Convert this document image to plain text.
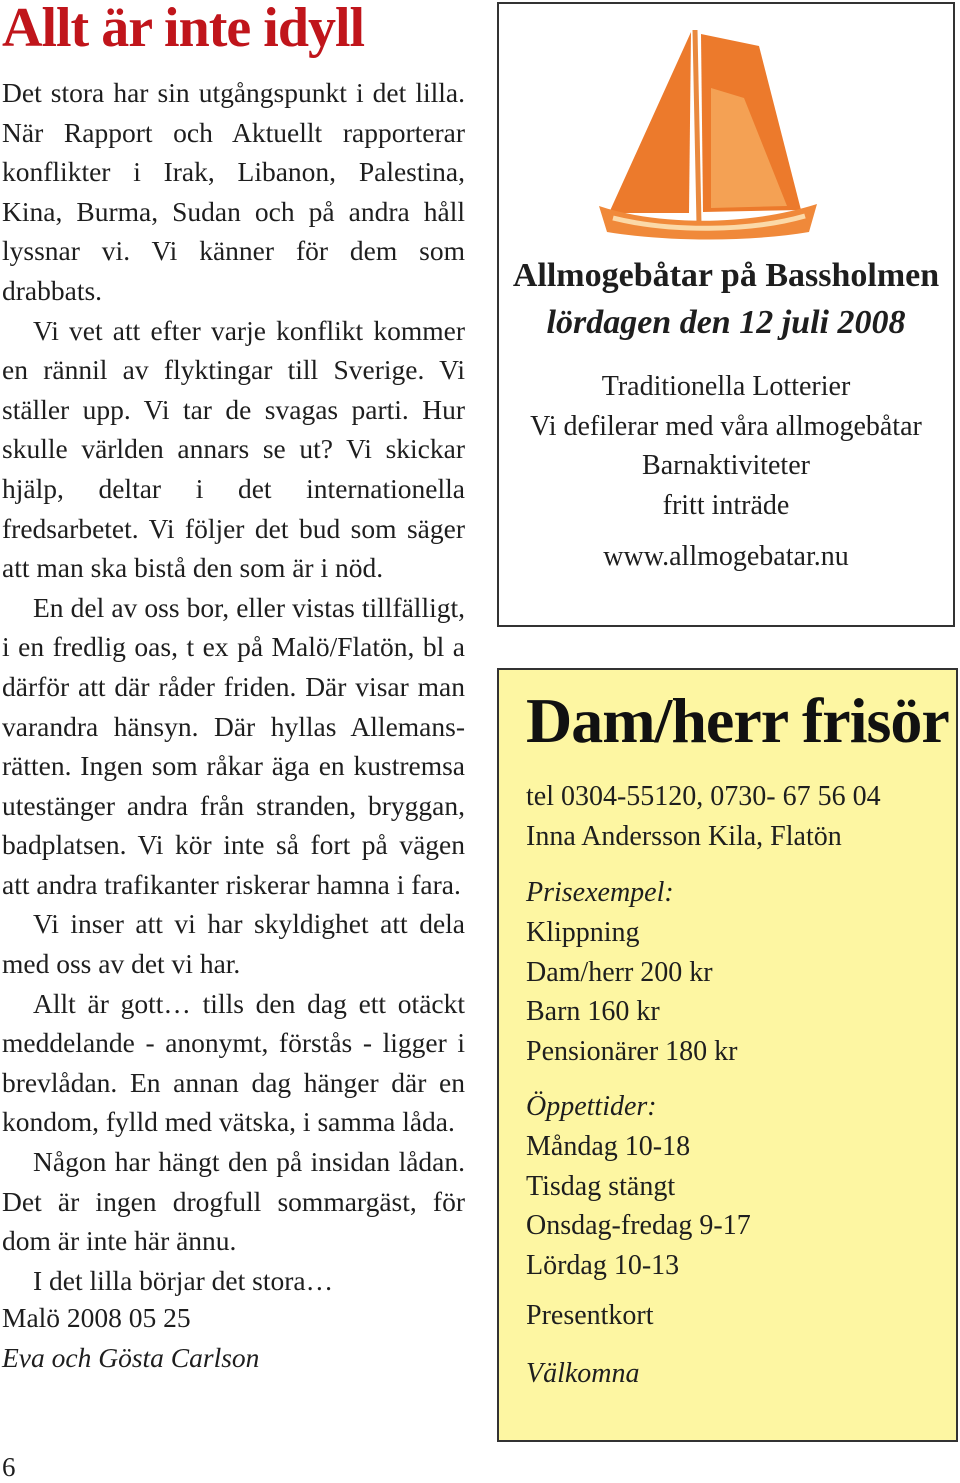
Allt är inte idyll

Det stora har sin utgångspunkt i det lilla. När Rapport och Aktuellt rapporterar konflikter i Irak, Libanon, Palestina, Kina, Burma, Sudan och på andra håll lyssnar vi. Vi känner för dem som drabbats.

Vi vet att efter varje konflikt kommer en rännil av flyktingar till Sverige. Vi ställer upp. Vi tar de svagas parti. Hur skulle världen annars se ut? Vi skickar hjälp, deltar i det internationella fredsarbetet. Vi följer det bud som säger att man ska bistå den som är i nöd.

En del av oss bor, eller vistas tillfälligt, i en fredlig oas, t ex på Malö/Flatön, bl a därför att där råder friden. Där visar man varandra hänsyn. Där hyllas Allemansrätten. Ingen som råkar äga en kustremsa utestänger andra från stranden, bryggan, badplatsen. Vi kör inte så fort på vägen att andra trafikanter riskerar hamna i fara.

Vi inser att vi har skyldighet att dela med oss av det vi har.

Allt är gott… tills den dag ett otäckt meddelande - anonymt, förstås - ligger i brevlådan. En annan dag hänger där en kondom, fylld med vätska, i samma låda.

Någon har hängt den på insidan lådan. Det är ingen drogfull sommargäst, för dom är inte här ännu.

I det lilla börjar det stora…

Malö 2008 05 25
Eva och Gösta Carlson
6
Allmogebåtar på Bassholmen
lördagen den 12 juli 2008
Traditionella Lotterier
Vi defilerar med våra allmogebåtar
Barnaktiviteter
fritt inträde
www.allmogebatar.nu
Dam/herr frisör
tel 0304-55120, 0730- 67 56 04
Inna Andersson Kila, Flatön
Prisexempel:
Klippning
Dam/herr 200 kr
Barn 160 kr
Pensionärer 180 kr
Öppettider:
Måndag 10-18
Tisdag stängt
Onsdag-fredag 9-17
Lördag 10-13
Presentkort
Välkomna
